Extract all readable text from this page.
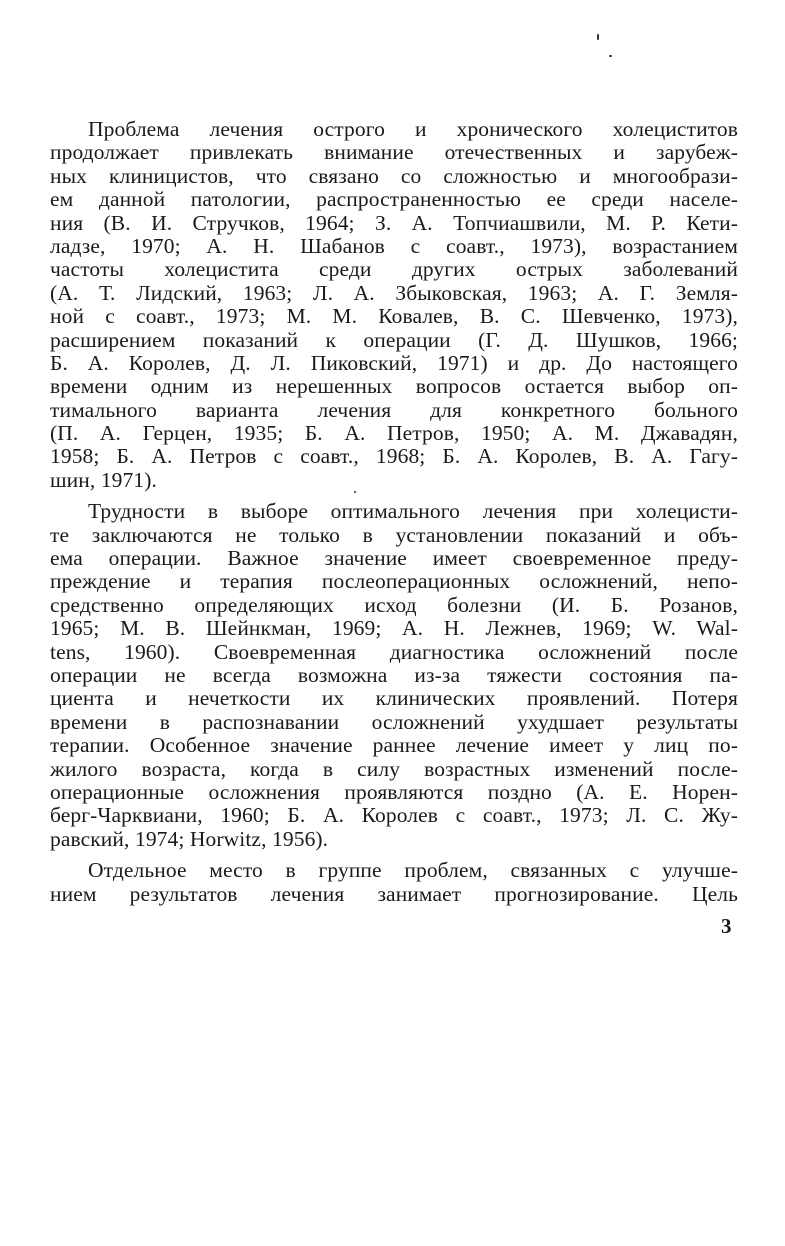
Проблема лечения острого и хронического холециститов
продолжает привлекать внимание отечественных и зарубеж-
ных клиницистов, что связано со сложностью и многообрази-
ем данной патологии, распространенностью ее среди населе-
ния (В. И. Стручков, 1964; З. А. Топчиашвили, М. Р. Кети-
ладзе, 1970; А. Н. Шабанов с соавт., 1973), возрастанием
частоты холецистита среди других острых заболеваний
(А. Т. Лидский, 1963; Л. А. Збыковская, 1963; А. Г. Земля-
ной с соавт., 1973; М. М. Ковалев, В. С. Шевченко, 1973),
расширением показаний к операции (Г. Д. Шушков, 1966;
Б. А. Королев, Д. Л. Пиковский, 1971) и др. До настоящего
времени одним из нерешенных вопросов остается выбор оп-
тимального варианта лечения для конкретного больного
(П. А. Герцен, 1935; Б. А. Петров, 1950; А. М. Джавадян,
1958; Б. А. Петров с соавт., 1968; Б. А. Королев, В. А. Гагу-
шин, 1971).
Трудности в выборе оптимального лечения при холецисти-
те заключаются не только в установлении показаний и объ-
ема операции. Важное значение имеет своевременное преду-
преждение и терапия послеоперационных осложнений, непо-
средственно определяющих исход болезни (И. Б. Розанов,
1965; М. В. Шейнкман, 1969; А. Н. Лежнев, 1969; W. Wal-
tens, 1960). Своевременная диагностика осложнений после
операции не всегда возможна из-за тяжести состояния па-
циента и нечеткости их клинических проявлений. Потеря
времени в распознавании осложнений ухудшает результаты
терапии. Особенное значение раннее лечение имеет у лиц по-
жилого возраста, когда в силу возрастных изменений после-
операционные осложнения проявляются поздно (А. Е. Норен-
берг-Чарквиани, 1960; Б. А. Королев с соавт., 1973; Л. С. Жу-
равский, 1974; Horwitz, 1956).
Отдельное место в группе проблем, связанных с улучше-
нием результатов лечения занимает прогнозирование. Цель
3
